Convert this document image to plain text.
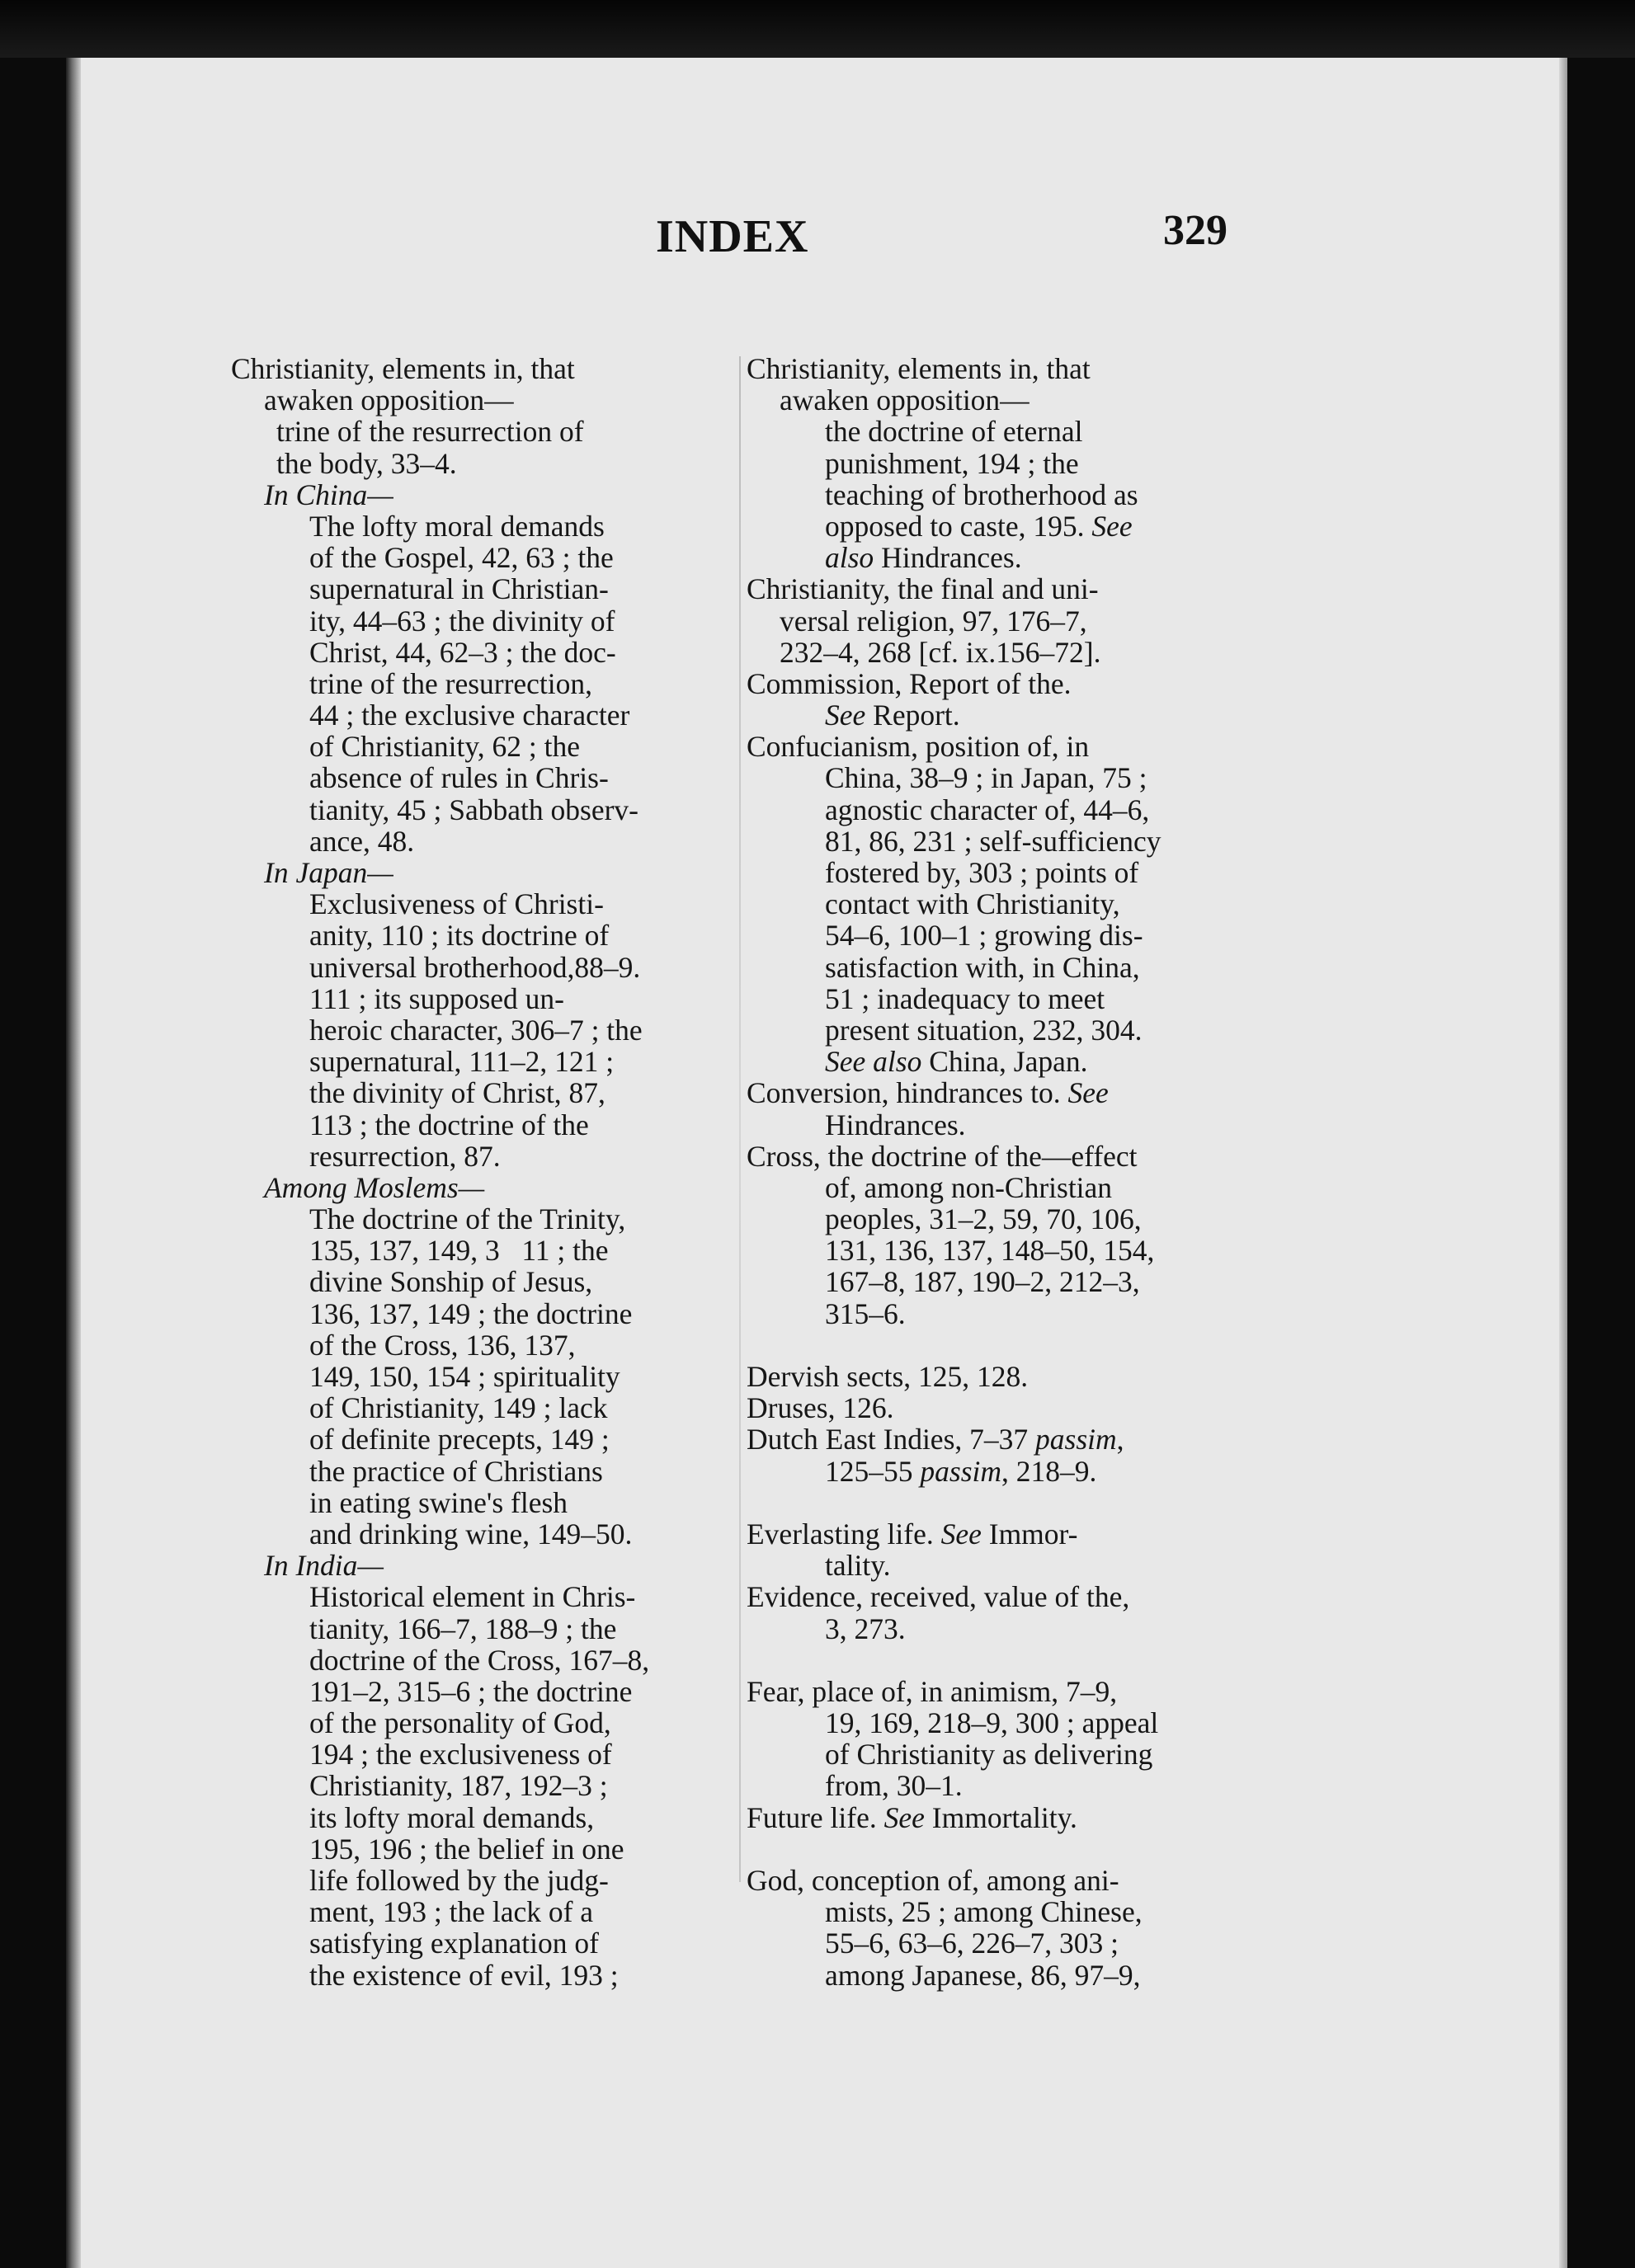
INDEX	329
Christianity, elements in, that
awaken opposition—
trine of the resurrection of
the body, 33–4.
In China—
The lofty moral demands
of the Gospel, 42, 63 ; the
supernatural in Christian-
ity, 44–63 ; the divinity of
Christ, 44, 62–3 ; the doc-
trine of the resurrection,
44 ; the exclusive character
of Christianity, 62 ; the
absence of rules in Chris-
tianity, 45 ; Sabbath observ-
ance, 48.
In Japan—
Exclusiveness of Christi-
anity, 110 ; its doctrine of
universal brotherhood,88–9.
111 ; its supposed un-
heroic character, 306–7 ; the
supernatural, 111–2, 121 ;
the divinity of Christ, 87,
113 ; the doctrine of the
resurrection, 87.
Among Moslems—
The doctrine of the Trinity,
135, 137, 149, 3   11 ; the
divine Sonship of Jesus,
136, 137, 149 ; the doctrine
of the Cross, 136, 137,
149, 150, 154 ; spirituality
of Christianity, 149 ; lack
of definite precepts, 149 ;
the practice of Christians
in eating swine's flesh
and drinking wine, 149–50.
In India—
Historical element in Chris-
tianity, 166–7, 188–9 ; the
doctrine of the Cross, 167–8,
191–2, 315–6 ; the doctrine
of the personality of God,
194 ; the exclusiveness of
Christianity, 187, 192–3 ;
its lofty moral demands,
195, 196 ; the belief in one
life followed by the judg-
ment, 193 ; the lack of a
satisfying explanation of
the existence of evil, 193 ;
Christianity, elements in, that
awaken opposition—
the doctrine of eternal
punishment, 194 ; the
teaching of brotherhood as
opposed to caste, 195. See
also Hindrances.
Christianity, the final and uni-
versal religion, 97, 176–7,
232–4, 268 [cf. ix.156–72].
Commission, Report of the.
See Report.
Confucianism, position of, in
China, 38–9 ; in Japan, 75 ;
agnostic character of, 44–6,
81, 86, 231 ; self-sufficiency
fostered by, 303 ; points of
contact with Christianity,
54–6, 100–1 ; growing dis-
satisfaction with, in China,
51 ; inadequacy to meet
present situation, 232, 304.
See also China, Japan.
Conversion, hindrances to. See
Hindrances.
Cross, the doctrine of the—effect
of, among non-Christian
peoples, 31–2, 59, 70, 106,
131, 136, 137, 148–50, 154,
167–8, 187, 190–2, 212–3,
315–6.
Dervish sects, 125, 128.
Druses, 126.
Dutch East Indies, 7–37 passim,
125–55 passim, 218–9.
Everlasting life. See Immor-
tality.
Evidence, received, value of the,
3, 273.
Fear, place of, in animism, 7–9,
19, 169, 218–9, 300 ; appeal
of Christianity as delivering
from, 30–1.
Future life. See Immortality.
God, conception of, among ani-
mists, 25 ; among Chinese,
55–6, 63–6, 226–7, 303 ;
among Japanese, 86, 97–9,
